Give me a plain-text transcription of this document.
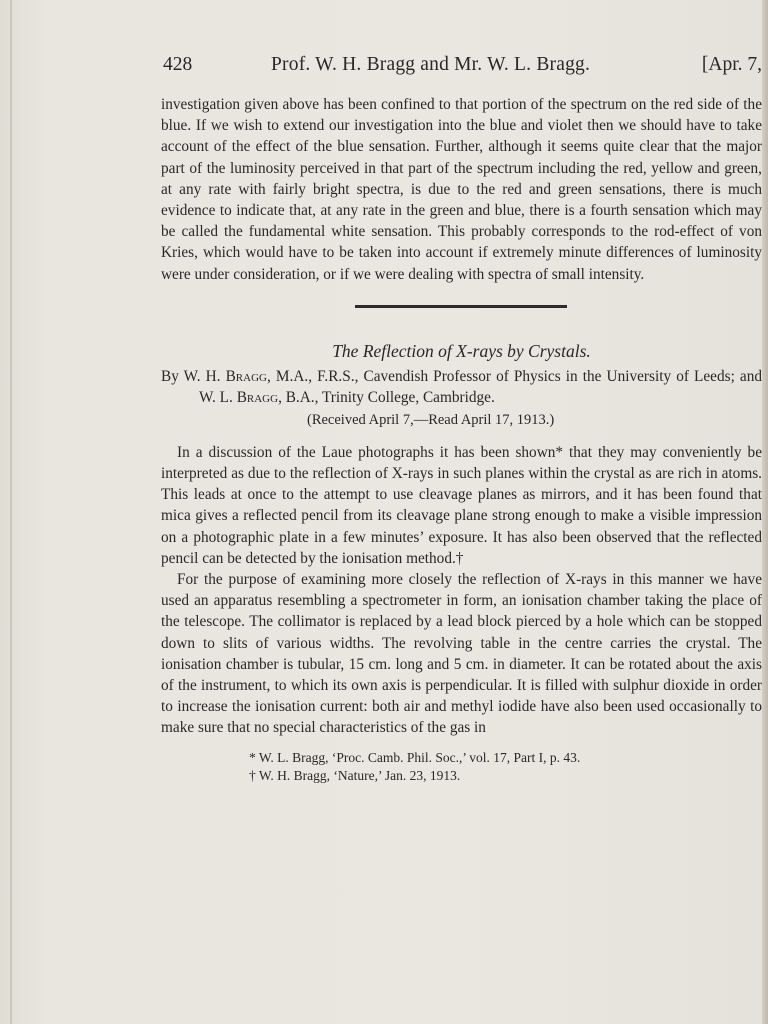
428	Prof. W. H. Bragg and Mr. W. L. Bragg.	[Apr. 7,

investigation given above has been confined to that portion of the spectrum on the red side of the blue. If we wish to extend our investigation into the blue and violet then we should have to take account of the effect of the blue sensation. Further, although it seems quite clear that the major part of the luminosity perceived in that part of the spectrum including the red, yellow and green, at any rate with fairly bright spectra, is due to the red and green sensations, there is much evidence to indicate that, at any rate in the green and blue, there is a fourth sensation which may be called the fundamental white sensation. This probably corresponds to the rod-effect of von Kries, which would have to be taken into account if extremely minute differences of luminosity were under consideration, or if we were dealing with spectra of small intensity.

The Reflection of X-rays by Crystals.
By W. H. Bragg, M.A., F.R.S., Cavendish Professor of Physics in the University of Leeds; and W. L. Bragg, B.A., Trinity College, Cambridge.
(Received April 7,—Read April 17, 1913.)

In a discussion of the Laue photographs it has been shown* that they may conveniently be interpreted as due to the reflection of X-rays in such planes within the crystal as are rich in atoms. This leads at once to the attempt to use cleavage planes as mirrors, and it has been found that mica gives a reflected pencil from its cleavage plane strong enough to make a visible impression on a photographic plate in a few minutes’ exposure. It has also been observed that the reflected pencil can be detected by the ionisation method.†

For the purpose of examining more closely the reflection of X-rays in this manner we have used an apparatus resembling a spectrometer in form, an ionisation chamber taking the place of the telescope. The collimator is replaced by a lead block pierced by a hole which can be stopped down to slits of various widths. The revolving table in the centre carries the crystal. The ionisation chamber is tubular, 15 cm. long and 5 cm. in diameter. It can be rotated about the axis of the instrument, to which its own axis is perpendicular. It is filled with sulphur dioxide in order to increase the ionisation current: both air and methyl iodide have also been used occasionally to make sure that no special characteristics of the gas in

* W. L. Bragg, ‘Proc. Camb. Phil. Soc.,’ vol. 17, Part I, p. 43.
† W. H. Bragg, ‘Nature,’ Jan. 23, 1913.
